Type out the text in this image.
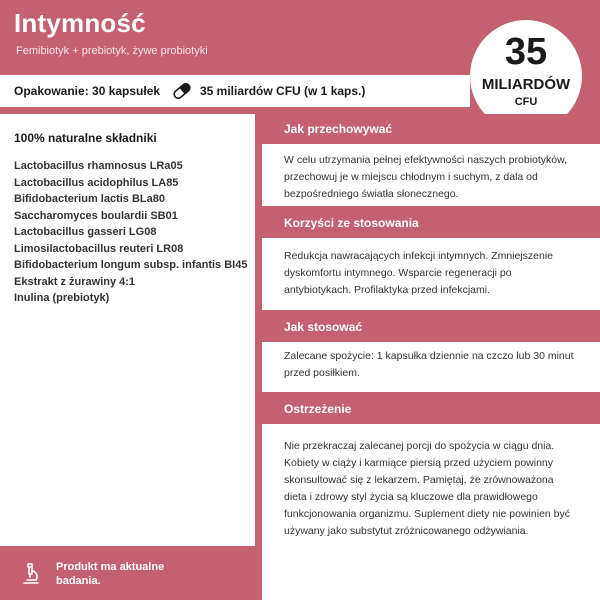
Intymność
Femibiotyk + prebiotyk, żywe probiotyki	35
MILIARDÓW
CFU
Opakowanie: 30 kapsułek	35 miliardów CFU (w 1 kaps.)
100% naturalne składniki
Lactobacillus rhamnosus LRa05
Lactobacillus acidophilus LA85
Bifidobacterium lactis BLa80
Saccharomyces boulardii SB01
Lactobacillus gasseri LG08
Limosilactobacillus reuteri LR08
Bifidobacterium longum subsp. infantis BI45
Ekstrakt z żurawiny 4:1
Inulina (prebiotyk)
Produkt ma aktualne badania.
Jak przechowywać

W celu utrzymania pełnej efektywności naszych probiotyków, przechowuj je w miejscu chłodnym i suchym, z dala od bezpośredniego światła słonecznego.

Korzyści ze stosowania

Redukcja nawracających infekcji intymnych. Zmniejszenie dyskomfortu intymnego. Wsparcie regeneracji po antybiotykach. Profilaktyka przed infekcjami.

Jak stosować

Zalecane spożycie: 1 kapsułka dziennie na czczo lub 30 minut przed posiłkiem.

Ostrzeżenie

Nie przekraczaj zalecanej porcji do spożycia w ciągu dnia. Kobiety w ciąży i karmiące piersią przed użyciem powinny skonsultować się z lekarzem. Pamiętaj, że zrównoważona dieta i zdrowy styl życia są kluczowe dla prawidłowego funkcjonowania organizmu. Suplement diety nie powinien być używany jako substytut zróżnicowanego odżywiania.
